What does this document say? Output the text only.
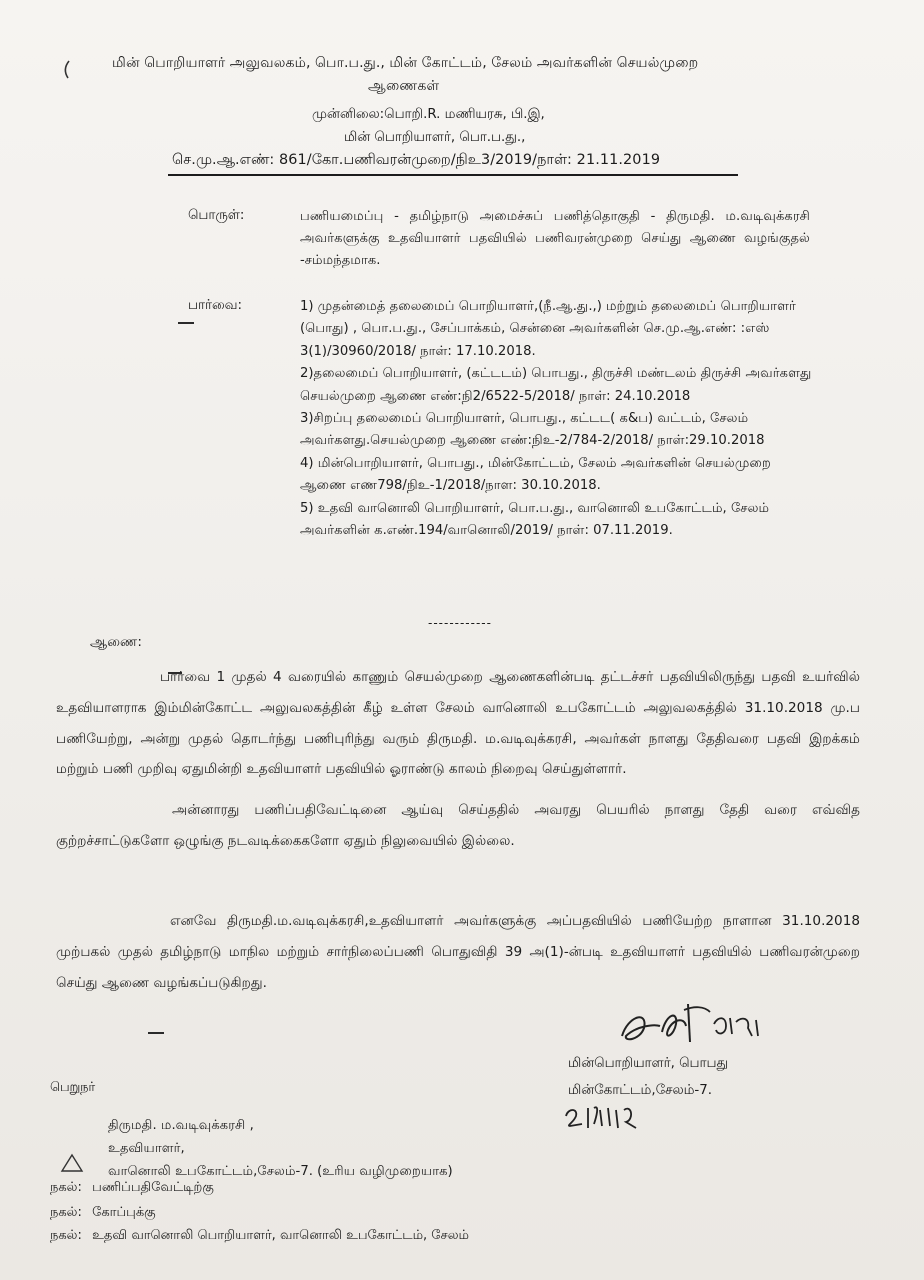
மின் பொறியாளர் அலுவலகம், பொ.ப.து., மின் கோட்டம், சேலம் அவர்களின் செயல்முறை
ஆணைகள்
முன்னிலை:பொறி.R. மணியரசு, பி.இ,
மின் பொறியாளர், பொ.ப.து.,
செ.மு.ஆ.எண்: 861/கோ.பணிவரன்முறை/நிஉ3/2019/நாள்: 21.11.2019
பொருள்:	பணியமைப்பு - தமிழ்நாடு அமைச்சுப் பணித்தொகுதி - திருமதி. ம.வடிவுக்கரசி அவர்களுக்கு உதவியாளர் பதவியில் பணிவரன்முறை செய்து ஆணை வழங்குதல் -சம்மந்தமாக.
பார்வை:	1) முதன்மைத் தலைமைப் பொறியாளர்,(நீ.ஆ.து.,) மற்றும் தலைமைப் பொறியாளர் (பொது) , பொ.ப.து., சேப்பாக்கம், சென்னை அவர்களின் செ.மு.ஆ.எண்: :எஸ் 3(1)/30960/2018/ நாள்: 17.10.2018.
2)தலைமைப் பொறியாளர், (கட்டடம்) பொபது., திருச்சி மண்டலம் திருச்சி அவர்களது செயல்முறை ஆணை எண்:நி2/6522-5/2018/ நாள்: 24.10.2018
3)சிறப்பு தலைமைப் பொறியாளர், பொபது., கட்டட( க&ப) வட்டம், சேலம் அவர்களது.செயல்முறை ஆணை எண்:நிஉ-2/784-2/2018/ நாள்:29.10.2018
4) மின்பொறியாளர், பொபது., மின்கோட்டம், சேலம் அவர்களின் செயல்முறை ஆணை எண798/நிஉ-1/2018/நாள: 30.10.2018.
5) உதவி வானொலி பொறியாளர், பொ.ப.து., வானொலி உபகோட்டம், சேலம் அவர்களின் க.எண்.194/வானொலி/2019/ நாள்: 07.11.2019.
------------
ஆணை:
பார்வை 1 முதல் 4 வரையில் காணும் செயல்முறை ஆணைகளின்படி தட்டச்சர் பதவியிலிருந்து பதவி உயர்வில் உதவியாளராக இம்மின்கோட்ட அலுவலகத்தின் கீழ் உள்ள சேலம் வானொலி உபகோட்டம் அலுவலகத்தில் 31.10.2018 மு.ப பணியேற்று, அன்று முதல் தொடர்ந்து பணிபுரிந்து வரும் திருமதி. ம.வடிவுக்கரசி, அவர்கள் நாளது தேதிவரை பதவி இறக்கம் மற்றும் பணி முறிவு ஏதுமின்றி உதவியாளர் பதவியில் ஓராண்டு காலம் நிறைவு செய்துள்ளார்.
அன்னாரது பணிப்பதிவேட்டினை ஆய்வு செய்ததில் அவரது பெயரில் நாளது தேதி வரை எவ்வித குற்றச்சாட்டுகளோ ஒழுங்கு நடவடிக்கைகளோ ஏதும் நிலுவையில் இல்லை.
எனவே திருமதி.ம.வடிவுக்கரசி,உதவியாளர் அவர்களுக்கு அப்பதவியில் பணியேற்ற நாளான 31.10.2018 முற்பகல் முதல் தமிழ்நாடு மாநில மற்றும் சார்நிலைப்பணி பொதுவிதி 39 அ(1)-ன்படி உதவியாளர் பதவியில் பணிவரன்முறை செய்து ஆணை வழங்கப்படுகிறது.
மின்பொறியாளர், பொபது
மின்கோட்டம்,சேலம்-7.
பெறுநர்
திருமதி. ம.வடிவுக்கரசி ,
உதவியாளர்,
வானொலி உபகோட்டம்,சேலம்-7. (உரிய வழிமுறையாக)
நகல்: பணிப்பதிவேட்டிற்கு
நகல்: கோப்புக்கு
நகல்: உதவி வானொலி பொறியாளர், வானொலி உபகோட்டம், சேலம்
